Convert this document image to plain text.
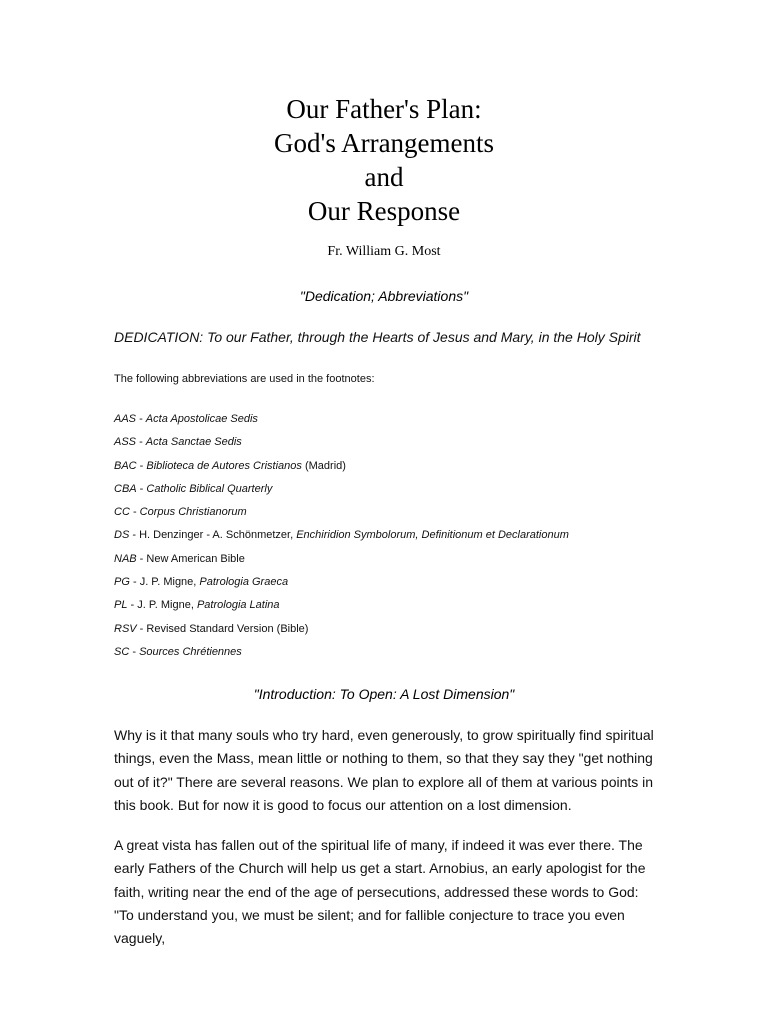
Our Father's Plan:
God's Arrangements
and
Our Response
Fr. William G. Most
"Dedication; Abbreviations"
DEDICATION: To our Father, through the Hearts of Jesus and Mary, in the Holy Spirit
The following abbreviations are used in the footnotes:
AAS - Acta Apostolicae Sedis
ASS - Acta Sanctae Sedis
BAC - Biblioteca de Autores Cristianos (Madrid)
CBA - Catholic Biblical Quarterly
CC - Corpus Christianorum
DS - H. Denzinger - A. Schönmetzer, Enchiridion Symbolorum, Definitionum et Declarationum
NAB - New American Bible
PG - J. P. Migne, Patrologia Graeca
PL - J. P. Migne, Patrologia Latina
RSV - Revised Standard Version (Bible)
SC - Sources Chrétiennes
"Introduction: To Open: A Lost Dimension"

Why is it that many souls who try hard, even generously, to grow spiritually find spiritual things, even the Mass, mean little or nothing to them, so that they say they "get nothing out of it?" There are several reasons. We plan to explore all of them at various points in this book. But for now it is good to focus our attention on a lost dimension.

A great vista has fallen out of the spiritual life of many, if indeed it was ever there. The early Fathers of the Church will help us get a start. Arnobius, an early apologist for the faith, writing near the end of the age of persecutions, addressed these words to God: "To understand you, we must be silent; and for fallible conjecture to trace you even vaguely,
